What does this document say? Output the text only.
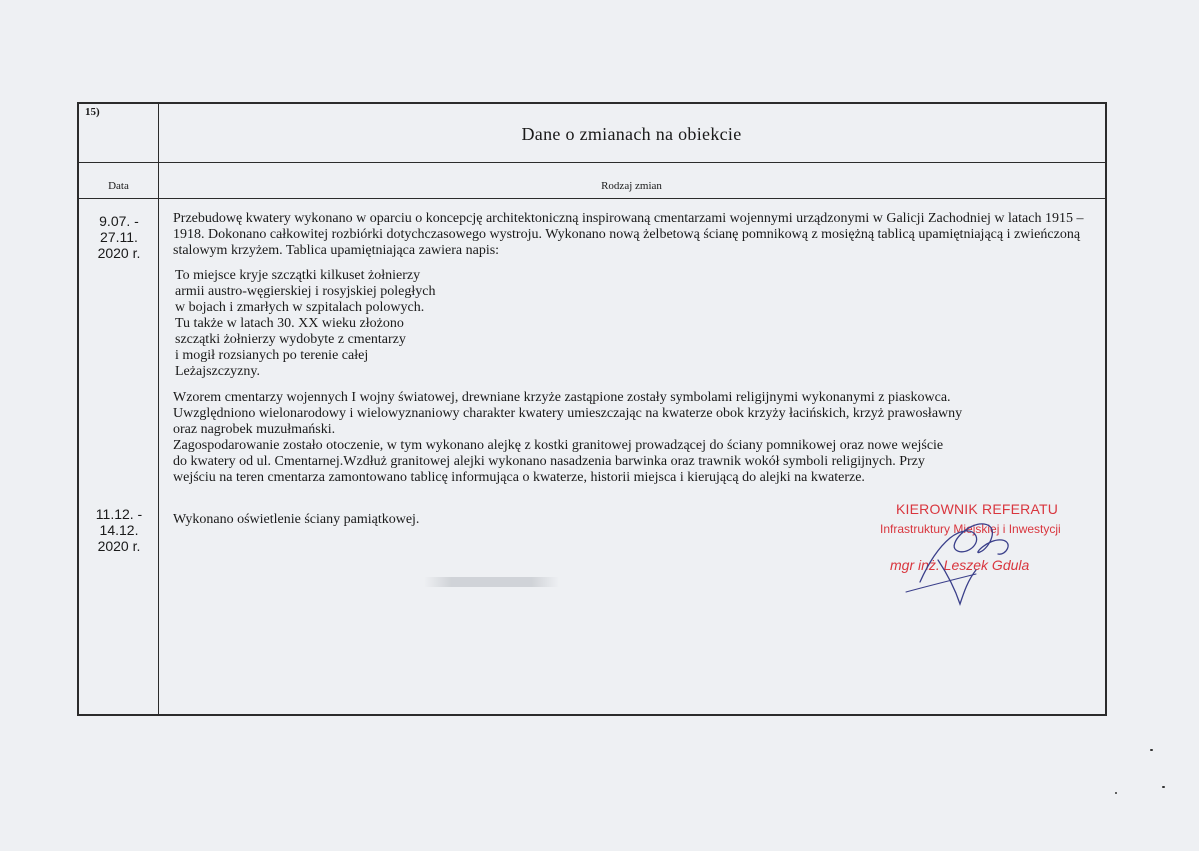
15)
Dane o zmianach na obiekcie
Data	Rodzaj zmian
9.07. -
27.11.
2020 r.
11.12. -
14.12.
2020 r.
Przebudowę kwatery wykonano w oparciu o koncepcję architektoniczną inspirowaną cmentarzami wojennymi urządzonymi w Galicji Zachodniej w latach 1915 – 1918. Dokonano całkowitej rozbiórki dotychczasowego wystroju. Wykonano nową żelbetową ścianę pomnikową z mosiężną tablicą upamiętniającą i zwieńczoną stalowym krzyżem. Tablica upamiętniająca zawiera napis:
To miejsce kryje szczątki kilkuset żołnierzy
armii austro-węgierskiej i rosyjskiej poległych
w bojach i zmarłych w szpitalach polowych.
Tu także w latach 30. XX wieku złożono
szczątki żołnierzy wydobyte z cmentarzy
i mogił rozsianych po terenie całej
Leżajszczyzny.
Wzorem cmentarzy wojennych I wojny światowej, drewniane krzyże zastąpione zostały symbolami religijnymi wykonanymi z piaskowca.
Uwzględniono wielonarodowy i wielowyznaniowy charakter kwatery umieszczając na kwaterze obok krzyży łacińskich, krzyż prawosławny
oraz nagrobek muzułmański.
Zagospodarowanie zostało otoczenie, w tym wykonano alejkę z kostki granitowej prowadzącej do ściany pomnikowej oraz nowe wejście
do kwatery od ul. Cmentarnej.Wzdłuż granitowej alejki wykonano nasadzenia barwinka oraz trawnik wokół symboli religijnych. Przy
wejściu na teren cmentarza zamontowano tablicę informująca o kwaterze, historii miejsca i kierującą do alejki na kwaterze.
Wykonano oświetlenie ściany pamiątkowej.
KIEROWNIK REFERATU
Infrastruktury Miejskiej i Inwestycji
mgr inż. Leszek Gdula
